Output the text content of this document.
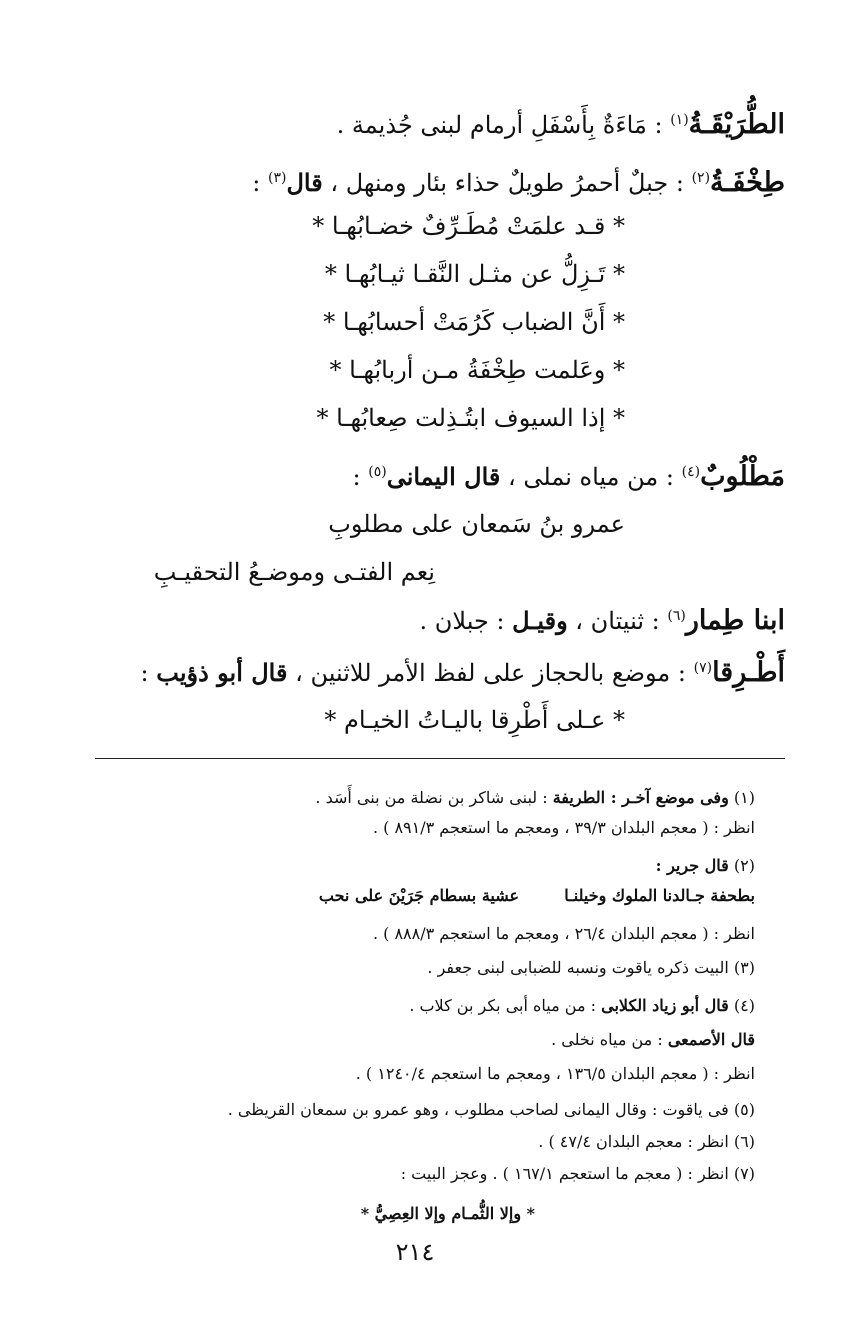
الطُّرَيْقَـةُ$^{(١)}$ : مَاءَةٌ بِأَسْفَلِ أرمام لبنى جُذيمة .
طِخْفَـةُ$^{(٢)}$ : جبلٌ أحمرُ طويلٌ حذاء بئار ومنهل ، قال$^{(٣)}$ :
* قـد علمَتْ مُطَـرِّفٌ خضـابُهـا *
* تَـزِلُّ عن مثـل النَّقـا ثيـابُهـا *
* أَنَّ الضباب كَرُمَتْ أحسابُهـا *
* وعَلمت طِخْفَةُ مـن أربابُهـا *
* إذا السيوف ابتُـذِلت صِعابُهـا *
مَطْلُوبٌ$^{(٤)}$ : من مياه نملى ، قال اليمانى$^{(٥)}$ :
عمرو بنُ سَمعان على مطلوبِ
نِعم الفتـى وموضـعُ التحقيـبِ
ابنا طِمار$^{(٦)}$ : ثنيتان ، وقيـل : جبلان .
أَطْـرِقا$^{(٧)}$ : موضع بالحجاز على لفظ الأمر للاثنين ، قال أبو ذؤيب :
* عـلى أَطْرِقا باليـاتُ الخيـام *
(١) وفى موضع آخـر : الطريفة : لبنى شاكر بن نضلة من بنى أَسَد .
انظر : ( معجم البلدان ٣٩/٣ ، ومعجم ما استعجم ٨٩١/٣ ) .
(٢) قال جرير :
بطحفة جـالدنا الملوك وخيلنـا  عشية بسطام جَرَيْنَ على نحب
انظر : ( معجم البلدان ٢٦/٤ ، ومعجم ما استعجم ٨٨٨/٣ ) .
(٣) البيت ذكره ياقوت ونسبه للضبابى لبنى جعفر .
(٤) قال أبو زياد الكلابى : من مياه أبى بكر بن كلاب .
قال الأصمعى : من مياه نخلى .
انظر : ( معجم البلدان ١٣٦/٥ ، ومعجم ما استعجم ١٢٤٠/٤ ) .
(٥) فى ياقوت : وقال اليمانى لصاحب مطلوب ، وهو عمرو بن سمعان القريظى .
(٦) انظر : معجم البلدان ٤٧/٤ ) .
(٧) انظر : ( معجم ما استعجم ١٦٧/١ ) . وعجز البيت :
* وإلا الثُّمـام وإلا العِصِيُّ *
٢١٤
